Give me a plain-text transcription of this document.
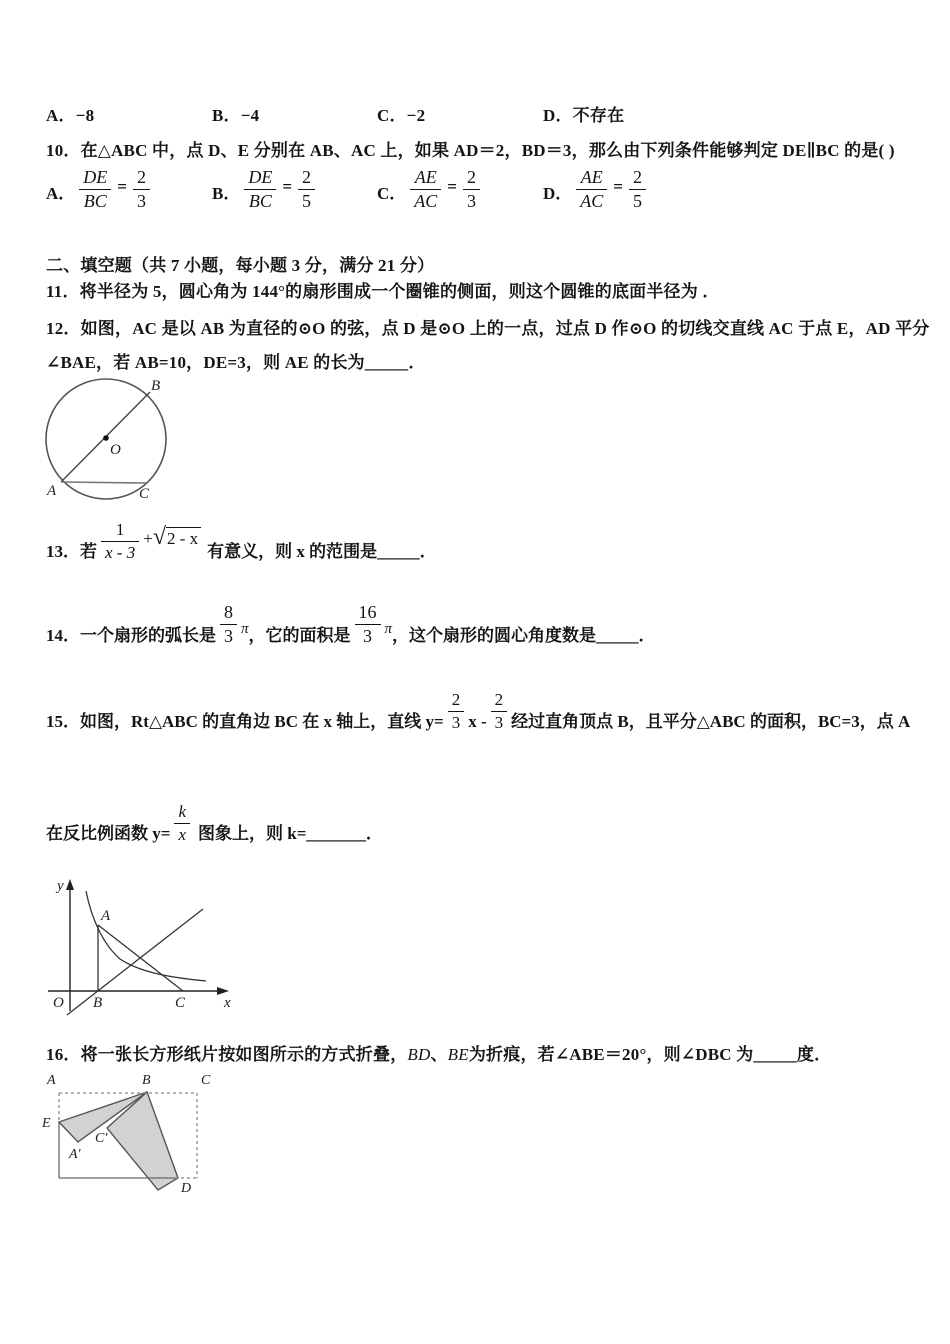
A．−8	B．−4	C．−2	D．不存在
10．在△ABC 中，点 D、E 分别在 AB、AC 上，如果 AD＝2，BD＝3，那么由下列条件能够判定 DE∥BC 的是( )
A． $\frac{DE}{BC} = \frac{2}{3}$	B． $\frac{DE}{BC} = \frac{2}{5}$	C． $\frac{AE}{AC} = \frac{2}{3}$	D． $\frac{AE}{AC} = \frac{2}{5}$
二、填空题（共 7 小题，每小题 3 分，满分 21 分）
11．将半径为 5，圆心角为 144°的扇形围成一个圈锥的侧面，则这个圆锥的底面半径为 ．
12．如图，AC 是以 AB 为直径的⊙O 的弦，点 D 是⊙O 上的一点，过点 D 作⊙O 的切线交直线 AC 于点 E，AD 平分
∠BAE，若 AB=10，DE=3，则 AE 的长为_____．
B
O
A	C
13．若 $\frac{1}{x - 3} + √2 - x$
有意义，则 x 的范围是_____．
14．一个扇形的弧长是 $\frac{8}{3}$ π ，它的面积是 $\frac{16}{3}$ π ，这个扇形的圆心角度数是_____．
15．如图，Rt△ABC 的直角边 BC 在 x 轴上，直线 $y= \frac{2}{3}$ x - $\frac{2}{3}$ 经过直角顶点 B，且平分△ABC 的面积，BC=3，点 A
在反比例函数 $y= \frac{k}{x}$ 图象上，则 k=_______．
y
A
O B	C	x
16．将一张长方形纸片按如图所示的方式折叠，BD、BE为折痕，若∠ABE＝20°，则∠DBC 为_____度．
A	B	C
E
A'
C'
D
